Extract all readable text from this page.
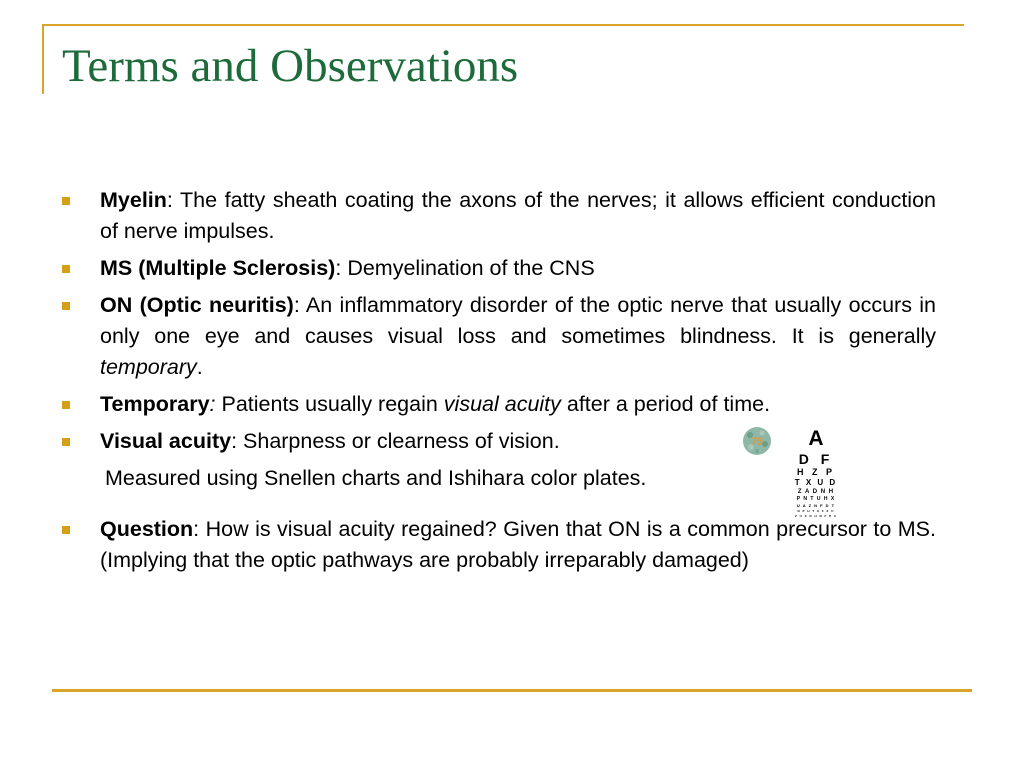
Terms and Observations
Myelin: The fatty sheath coating the axons of the nerves; it allows efficient conduction of nerve impulses.
MS (Multiple Sclerosis): Demyelination of the CNS
ON (Optic neuritis): An inflammatory disorder of the optic nerve that usually occurs in only one eye and causes visual loss and sometimes blindness. It is generally temporary.
Temporary: Patients usually regain visual acuity after a period of time.
Visual acuity: Sharpness or clearness of vision.
Measured using Snellen charts and Ishihara color plates.
Question: How is visual acuity regained? Given that ON is a common precursor to MS. (Implying that the optic pathways are probably irreparably damaged)
75	A
D F
H Z P
T X U D
Z A D N H
P N T U H X
U A Z N F D T
N P H T A F X U
Z U X D H N F P A
